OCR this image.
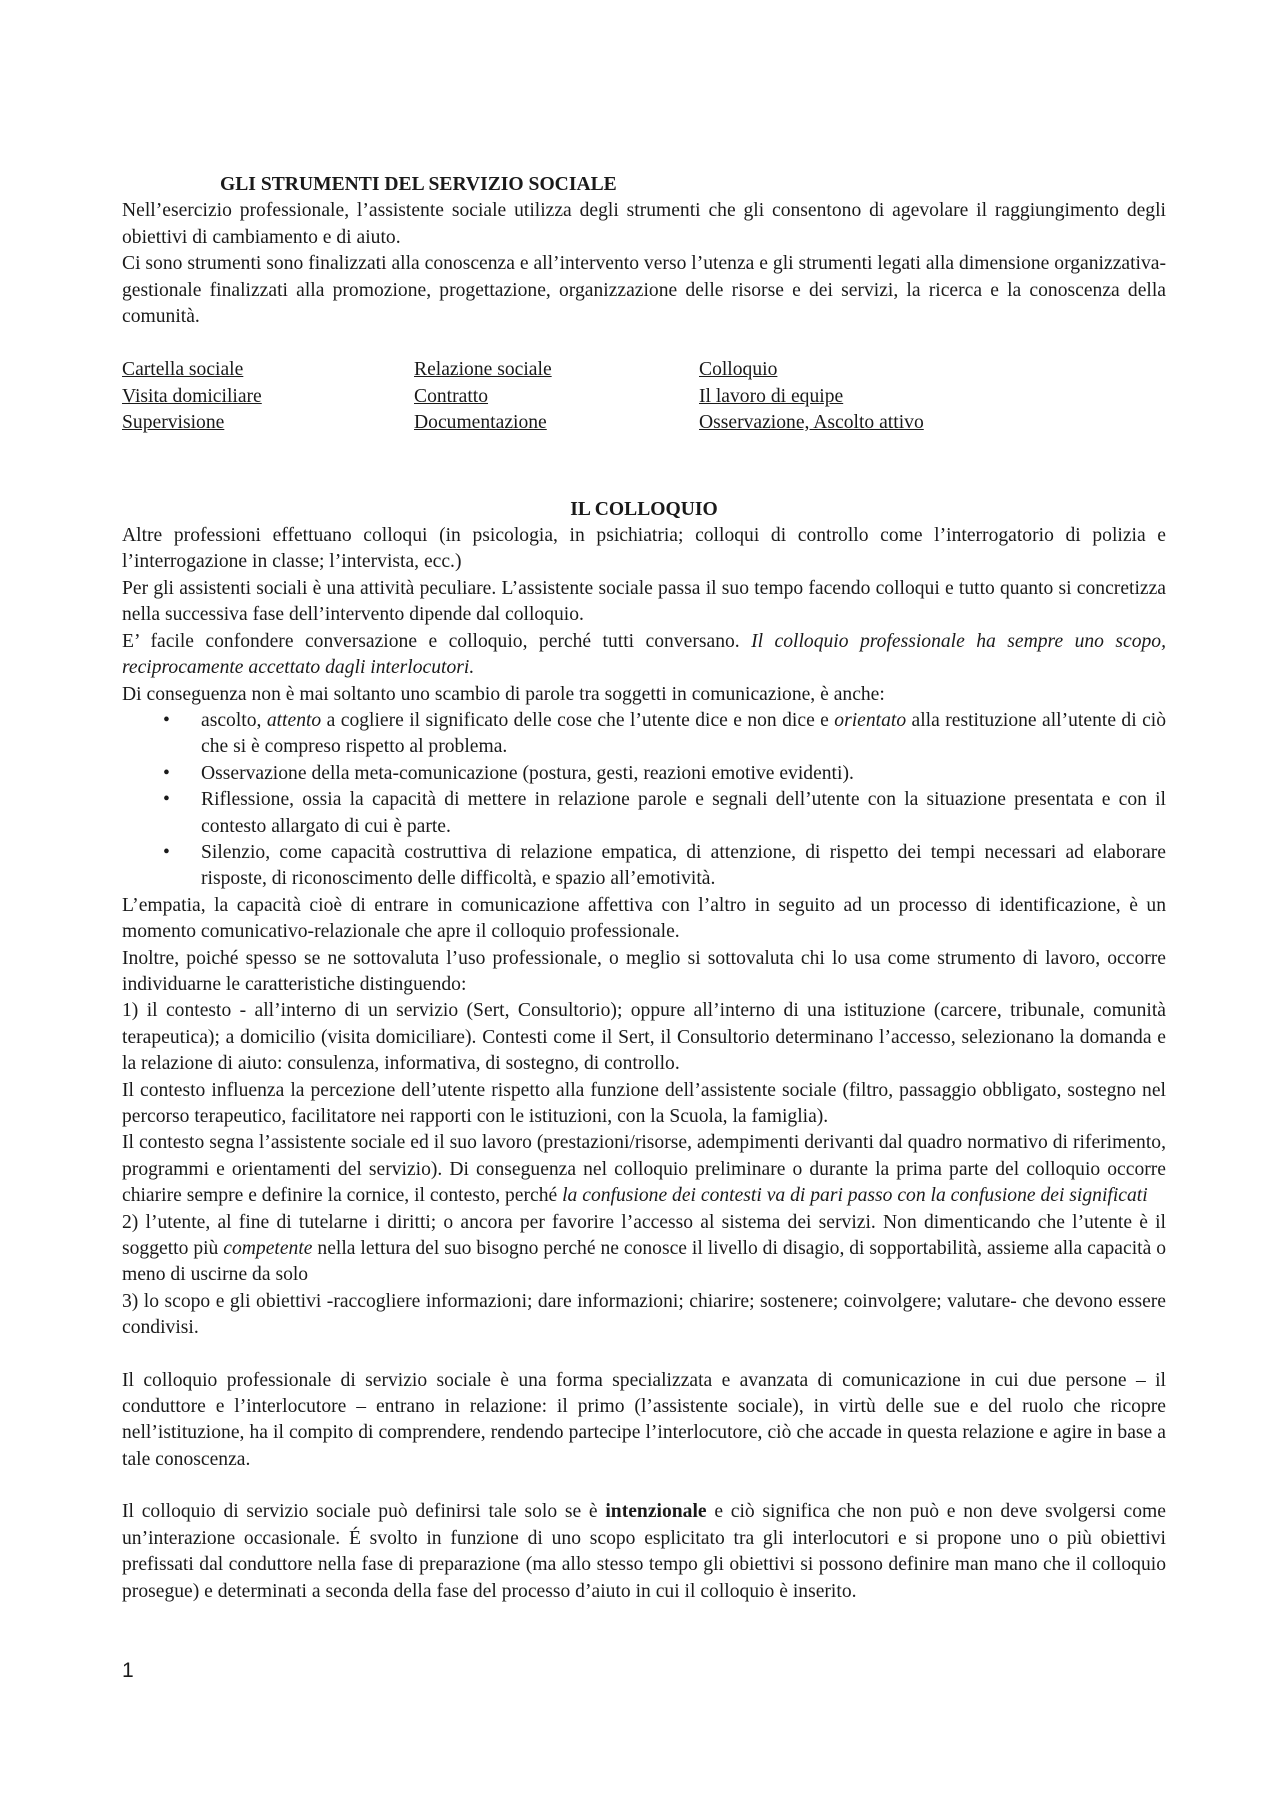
GLI STRUMENTI DEL SERVIZIO SOCIALE

Nell’esercizio professionale, l’assistente sociale utilizza degli strumenti che gli consentono di agevolare il raggiungimento degli obiettivi di cambiamento e di aiuto.

Ci sono strumenti sono finalizzati alla conoscenza e all’intervento verso l’utenza e gli strumenti legati alla dimensione organizzativa-gestionale finalizzati alla promozione, progettazione, organizzazione delle risorse e dei servizi, la ricerca e la conoscenza della comunità.

Cartella sociale	Relazione sociale	Colloquio
Visita domiciliare	Contratto	Il lavoro di equipe
Supervisione	Documentazione	Osservazione, Ascolto attivo

IL COLLOQUIO

Altre professioni effettuano colloqui (in psicologia, in psichiatria; colloqui di controllo come l’interrogatorio di polizia e l’interrogazione in classe; l’intervista, ecc.)

Per gli assistenti sociali è una attività peculiare. L’assistente sociale passa il suo tempo facendo colloqui e tutto quanto si concretizza nella successiva fase dell’intervento dipende dal colloquio.

E’ facile confondere conversazione e colloquio, perché tutti conversano. Il colloquio professionale ha sempre uno scopo, reciprocamente accettato dagli interlocutori.

Di conseguenza non è mai soltanto uno scambio di parole tra soggetti in comunicazione, è anche:

• ascolto, attento a cogliere il significato delle cose che l’utente dice e non dice e orientato alla restituzione all’utente di ciò che si è compreso rispetto al problema.
• Osservazione della meta-comunicazione (postura, gesti, reazioni emotive evidenti).
• Riflessione, ossia la capacità di mettere in relazione parole e segnali dell’utente con la situazione presentata e con il contesto allargato di cui è parte.
• Silenzio, come capacità costruttiva di relazione empatica, di attenzione, di rispetto dei tempi necessari ad elaborare risposte, di riconoscimento delle difficoltà, e spazio all’emotività.

L’empatia, la capacità cioè di entrare in comunicazione affettiva con l’altro in seguito ad un processo di identificazione, è un momento comunicativo-relazionale che apre il colloquio professionale.

Inoltre, poiché spesso se ne sottovaluta l’uso professionale, o meglio si sottovaluta chi lo usa come strumento di lavoro, occorre individuarne le caratteristiche distinguendo:

1) il contesto - all’interno di un servizio (Sert, Consultorio); oppure all’interno di una istituzione (carcere, tribunale, comunità terapeutica); a domicilio (visita domiciliare). Contesti come il Sert, il Consultorio determinano l’accesso, selezionano la domanda e la relazione di aiuto: consulenza, informativa, di sostegno, di controllo.

Il contesto influenza la percezione dell’utente rispetto alla funzione dell’assistente sociale (filtro, passaggio obbligato, sostegno nel percorso terapeutico, facilitatore nei rapporti con le istituzioni, con la Scuola, la famiglia).

Il contesto segna l’assistente sociale ed il suo lavoro (prestazioni/risorse, adempimenti derivanti dal quadro normativo di riferimento, programmi e orientamenti del servizio). Di conseguenza nel colloquio preliminare o durante la prima parte del colloquio occorre chiarire sempre e definire la cornice, il contesto, perché la confusione dei contesti va di pari passo con la confusione dei significati

2) l’utente, al fine di tutelarne i diritti; o ancora per favorire l’accesso al sistema dei servizi. Non dimenticando che l’utente è il soggetto più competente nella lettura del suo bisogno perché ne conosce il livello di disagio, di sopportabilità, assieme alla capacità o meno di uscirne da solo

3) lo scopo e gli obiettivi -raccogliere informazioni; dare informazioni; chiarire; sostenere; coinvolgere; valutare- che devono essere condivisi.

Il colloquio professionale di servizio sociale è una forma specializzata e avanzata di comunicazione in cui due persone – il conduttore e l’interlocutore – entrano in relazione: il primo (l’assistente sociale), in virtù delle sue e del ruolo che ricopre nell’istituzione, ha il compito di comprendere, rendendo partecipe l’interlocutore, ciò che accade in questa relazione e agire in base a tale conoscenza.

Il colloquio di servizio sociale può definirsi tale solo se è intenzionale e ciò significa che non può e non deve svolgersi come un’interazione occasionale. É svolto in funzione di uno scopo esplicitato tra gli interlocutori e si propone uno o più obiettivi prefissati dal conduttore nella fase di preparazione (ma allo stesso tempo gli obiettivi si possono definire man mano che il colloquio prosegue) e determinati a seconda della fase del processo d’aiuto in cui il colloquio è inserito.

1
